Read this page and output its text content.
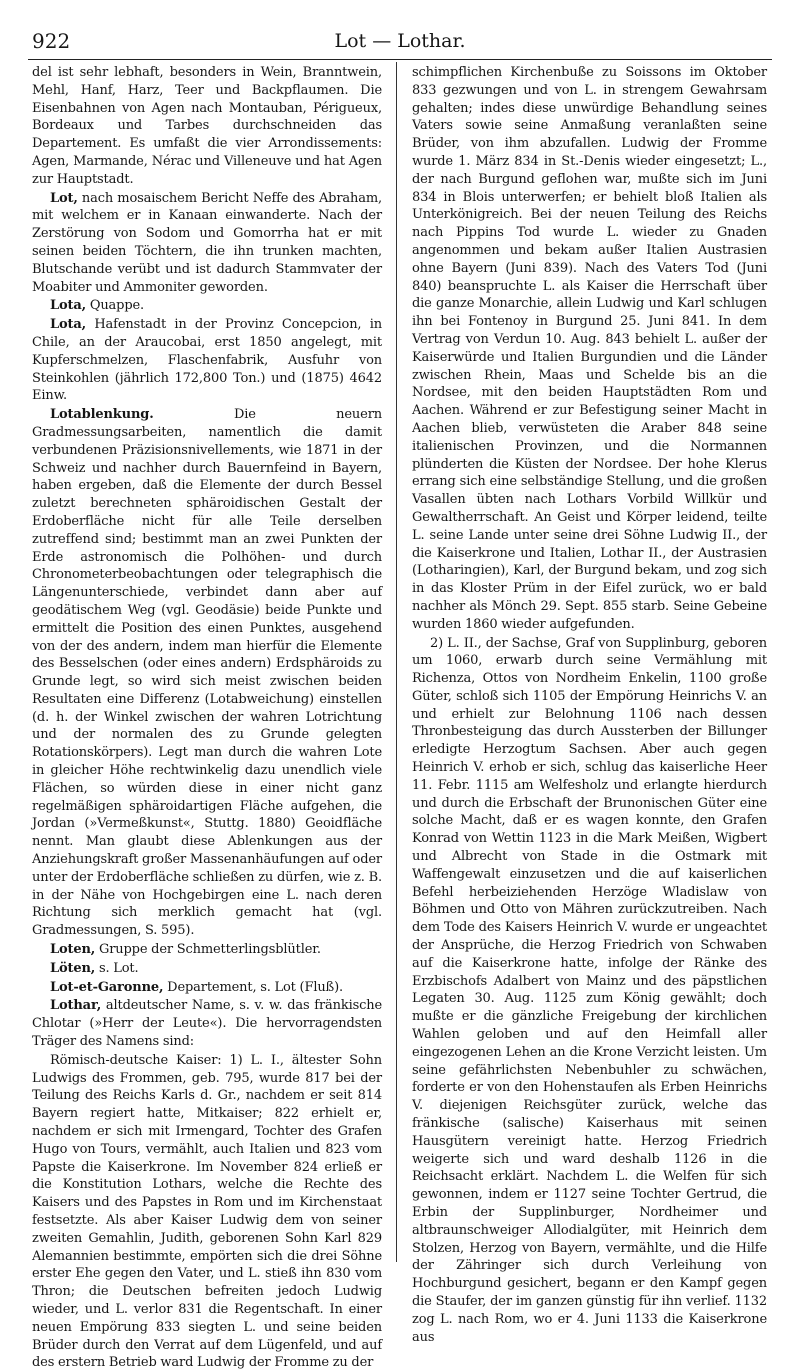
922	Lot — Lothar.

del ist sehr lebhaft, besonders in Wein, Branntwein, Mehl, Hanf, Harz, Teer und Backpflaumen. Die Eisenbahnen von Agen nach Montauban, Périgueux, Bordeaux und Tarbes durchschneiden das Departement. Es umfaßt die vier Arrondissements: Agen, Marmande, Nérac und Villeneuve und hat Agen zur Hauptstadt.

Lot, nach mosaischem Bericht Neffe des Abraham, mit welchem er in Kanaan einwanderte. Nach der Zerstörung von Sodom und Gomorrha hat er mit seinen beiden Töchtern, die ihn trunken machten, Blutschande verübt und ist dadurch Stammvater der Moabiter und Ammoniter geworden.

Lota, Quappe.

Lota, Hafenstadt in der Provinz Concepcion, in Chile, an der Araucobai, erst 1850 angelegt, mit Kupferschmelzen, Flaschenfabrik, Ausfuhr von Steinkohlen (jährlich 172,800 Ton.) und (1875) 4642 Einw.

Lotablenkung. Die neuern Gradmessungsarbeiten, namentlich die damit verbundenen Präzisionsnivellements, wie 1871 in der Schweiz und nachher durch Bauernfeind in Bayern, haben ergeben, daß die Elemente der durch Bessel zuletzt berechneten sphäroidischen Gestalt der Erdoberfläche nicht für alle Teile derselben zutreffend sind; bestimmt man an zwei Punkten der Erde astronomisch die Polhöhen- und durch Chronometerbeobachtungen oder telegraphisch die Längenunterschiede, verbindet dann aber auf geodätischem Weg (vgl. Geodäsie) beide Punkte und ermittelt die Position des einen Punktes, ausgehend von der des andern, indem man hierfür die Elemente des Besselschen (oder eines andern) Erdsphäroids zu Grunde legt, so wird sich meist zwischen beiden Resultaten eine Differenz (Lotabweichung) einstellen (d. h. der Winkel zwischen der wahren Lotrichtung und der normalen des zu Grunde gelegten Rotationskörpers). Legt man durch die wahren Lote in gleicher Höhe rechtwinkelig dazu unendlich viele Flächen, so würden diese in einer nicht ganz regelmäßigen sphäroidartigen Fläche aufgehen, die Jordan (»Vermeßkunst«, Stuttg. 1880) Geoidfläche nennt. Man glaubt diese Ablenkungen aus der Anziehungskraft großer Massenanhäufungen auf oder unter der Erdoberfläche schließen zu dürfen, wie z. B. in der Nähe von Hochgebirgen eine L. nach deren Richtung sich merklich gemacht hat (vgl. Gradmessungen, S. 595).

Loten, Gruppe der Schmetterlingsblütler.

Löten, s. Lot.

Lot-et-Garonne, Departement, s. Lot (Fluß).

Lothar, altdeutscher Name, s. v. w. das fränkische Chlotar (»Herr der Leute«). Die hervorragendsten Träger des Namens sind:

Römisch-deutsche Kaiser: 1) L. I., ältester Sohn Ludwigs des Frommen, geb. 795, wurde 817 bei der Teilung des Reichs Karls d. Gr., nachdem er seit 814 Bayern regiert hatte, Mitkaiser; 822 erhielt er, nachdem er sich mit Irmengard, Tochter des Grafen Hugo von Tours, vermählt, auch Italien und 823 vom Papste die Kaiserkrone. Im November 824 erließ er die Konstitution Lothars, welche die Rechte des Kaisers und des Papstes in Rom und im Kirchenstaat festsetzte. Als aber Kaiser Ludwig dem von seiner zweiten Gemahlin, Judith, geborenen Sohn Karl 829 Alemannien bestimmte, empörten sich die drei Söhne erster Ehe gegen den Vater, und L. stieß ihn 830 vom Thron; die Deutschen befreiten jedoch Ludwig wieder, und L. verlor 831 die Regentschaft. In einer neuen Empörung 833 siegten L. und seine beiden Brüder durch den Verrat auf dem Lügenfeld, und auf des erstern Betrieb ward Ludwig der Fromme zu der

schimpflichen Kirchenbuße zu Soissons im Oktober 833 gezwungen und von L. in strengem Gewahrsam gehalten; indes diese unwürdige Behandlung seines Vaters sowie seine Anmaßung veranlaßten seine Brüder, von ihm abzufallen. Ludwig der Fromme wurde 1. März 834 in St.-Denis wieder eingesetzt; L., der nach Burgund geflohen war, mußte sich im Juni 834 in Blois unterwerfen; er behielt bloß Italien als Unterkönigreich. Bei der neuen Teilung des Reichs nach Pippins Tod wurde L. wieder zu Gnaden angenommen und bekam außer Italien Austrasien ohne Bayern (Juni 839). Nach des Vaters Tod (Juni 840) beanspruchte L. als Kaiser die Herrschaft über die ganze Monarchie, allein Ludwig und Karl schlugen ihn bei Fontenoy in Burgund 25. Juni 841. In dem Vertrag von Verdun 10. Aug. 843 behielt L. außer der Kaiserwürde und Italien Burgundien und die Länder zwischen Rhein, Maas und Schelde bis an die Nordsee, mit den beiden Hauptstädten Rom und Aachen. Während er zur Befestigung seiner Macht in Aachen blieb, verwüsteten die Araber 848 seine italienischen Provinzen, und die Normannen plünderten die Küsten der Nordsee. Der hohe Klerus errang sich eine selbständige Stellung, und die großen Vasallen übten nach Lothars Vorbild Willkür und Gewaltherrschaft. An Geist und Körper leidend, teilte L. seine Lande unter seine drei Söhne Ludwig II., der die Kaiserkrone und Italien, Lothar II., der Austrasien (Lotharingien), Karl, der Burgund bekam, und zog sich in das Kloster Prüm in der Eifel zurück, wo er bald nachher als Mönch 29. Sept. 855 starb. Seine Gebeine wurden 1860 wieder aufgefunden.

2) L. II., der Sachse, Graf von Supplinburg, geboren um 1060, erwarb durch seine Vermählung mit Richenza, Ottos von Nordheim Enkelin, 1100 große Güter, schloß sich 1105 der Empörung Heinrichs V. an und erhielt zur Belohnung 1106 nach dessen Thronbesteigung das durch Aussterben der Billunger erledigte Herzogtum Sachsen. Aber auch gegen Heinrich V. erhob er sich, schlug das kaiserliche Heer 11. Febr. 1115 am Welfesholz und erlangte hierdurch und durch die Erbschaft der Brunonischen Güter eine solche Macht, daß er es wagen konnte, den Grafen Konrad von Wettin 1123 in die Mark Meißen, Wigbert und Albrecht von Stade in die Ostmark mit Waffengewalt einzusetzen und die auf kaiserlichen Befehl herbeiziehenden Herzöge Wladislaw von Böhmen und Otto von Mähren zurückzutreiben. Nach dem Tode des Kaisers Heinrich V. wurde er ungeachtet der Ansprüche, die Herzog Friedrich von Schwaben auf die Kaiserkrone hatte, infolge der Ränke des Erzbischofs Adalbert von Mainz und des päpstlichen Legaten 30. Aug. 1125 zum König gewählt; doch mußte er die gänzliche Freigebung der kirchlichen Wahlen geloben und auf den Heimfall aller eingezogenen Lehen an die Krone Verzicht leisten. Um seine gefährlichsten Nebenbuhler zu schwächen, forderte er von den Hohenstaufen als Erben Heinrichs V. diejenigen Reichsgüter zurück, welche das fränkische (salische) Kaiserhaus mit seinen Hausgütern vereinigt hatte. Herzog Friedrich weigerte sich und ward deshalb 1126 in die Reichsacht erklärt. Nachdem L. die Welfen für sich gewonnen, indem er 1127 seine Tochter Gertrud, die Erbin der Supplinburger, Nordheimer und altbraunschweiger Allodialgüter, mit Heinrich dem Stolzen, Herzog von Bayern, vermählte, und die Hilfe der Zähringer sich durch Verleihung von Hochburgund gesichert, begann er den Kampf gegen die Staufer, der im ganzen günstig für ihn verlief. 1132 zog L. nach Rom, wo er 4. Juni 1133 die Kaiserkrone aus
